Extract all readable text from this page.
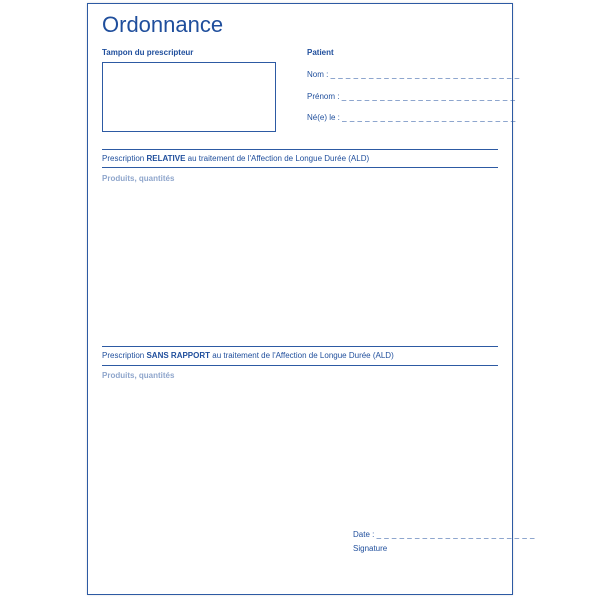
Ordonnance
Tampon du prescripteur	Patient
Nom : _ _ _ _ _ _ _ _ _ _ _ _ _ _ _ _ _ _ _ _ _ _ _ _ _
Prénom : _ _ _ _ _ _ _ _ _ _ _ _ _ _ _ _ _ _ _ _ _ _ _
Né(e) le : _ _ _ _ _ _ _ _ _ _ _ _ _ _ _ _ _ _ _ _ _ _ _
Prescription RELATIVE au traitement de l'Affection de Longue Durée (ALD)
Produits, quantités
Prescription SANS RAPPORT au traitement de l'Affection de Longue Durée (ALD)
Produits, quantités
Date : _ _ _ _ _ _ _ _ _ _ _ _ _ _ _ _ _ _ _ _ _
Signature
